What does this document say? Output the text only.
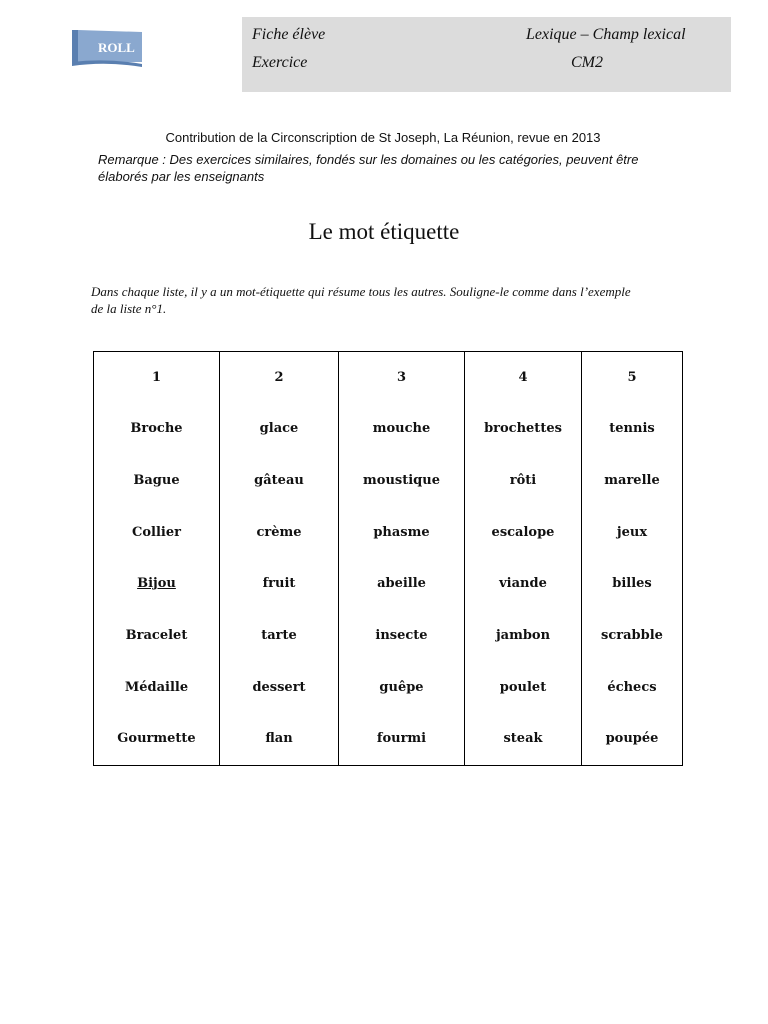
ROLL
Fiche élève
Exercice
Lexique – Champ lexical
CM2
Contribution de la Circonscription de St Joseph, La Réunion, revue en 2013
Remarque : Des exercices similaires, fondés sur les domaines ou les catégories, peuvent être élaborés par les enseignants
Le mot étiquette
Dans chaque liste, il y a un mot-étiquette qui résume tous les autres. Souligne-le comme dans l’exemple de la liste n°1.
1	2	3	4	5
Broche	glace	mouche	brochettes	tennis
Bague	gâteau	moustique	rôti	marelle
Collier	crème	phasme	escalope	jeux
Bijou	fruit	abeille	viande	billes
Bracelet	tarte	insecte	jambon	scrabble
Médaille	dessert	guêpe	poulet	échecs
Gourmette	flan	fourmi	steak	poupée
